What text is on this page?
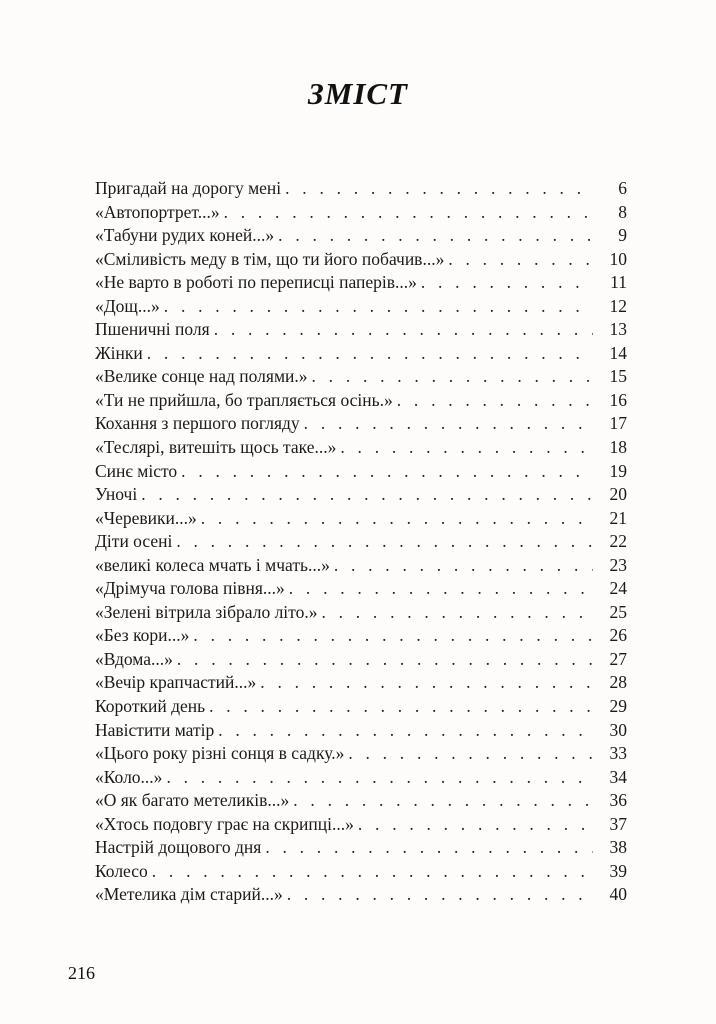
ЗМІСТ
Пригадай на дорогу мені . . .	6
«Автопортрет...» . . .	8
«Табуни рудих коней...» . . .	9
«Сміливість меду в тім, що ти його побачив...» . . .	10
«Не варто в роботі по переписці паперів...» . . .	11
«Дощ...» . . .	12
Пшеничні поля . . .	13
Жінки . . .	14
«Велике сонце над полями.» . . .	15
«Ти не прийшла, бо трапляється осінь.» . . .	16
Кохання з першого погляду . . .	17
«Теслярі, витешіть щось таке...» . . .	18
Синє місто . . .	19
Уночі . . .	20
«Черевики...» . . .	21
Діти осені . . .	22
«великі колеса мчать і мчать...» . . .	23
«Дрімуча голова півня...» . . .	24
«Зелені вітрила зібрало літо.» . . .	25
«Без кори...» . . .	26
«Вдома...» . . .	27
«Вечір крапчастий...» . . .	28
Короткий день . . .	29
Навістити матір . . .	30
«Цього року різні сонця в садку.» . . .	33
«Коло...» . . .	34
«О як багато метеликів...» . . .	36
«Хтось подовгу грає на скрипці...» . . .	37
Настрій дощового дня . . .	38
Колесо . . .	39
«Метелика дім старий...» . . .	40
216
